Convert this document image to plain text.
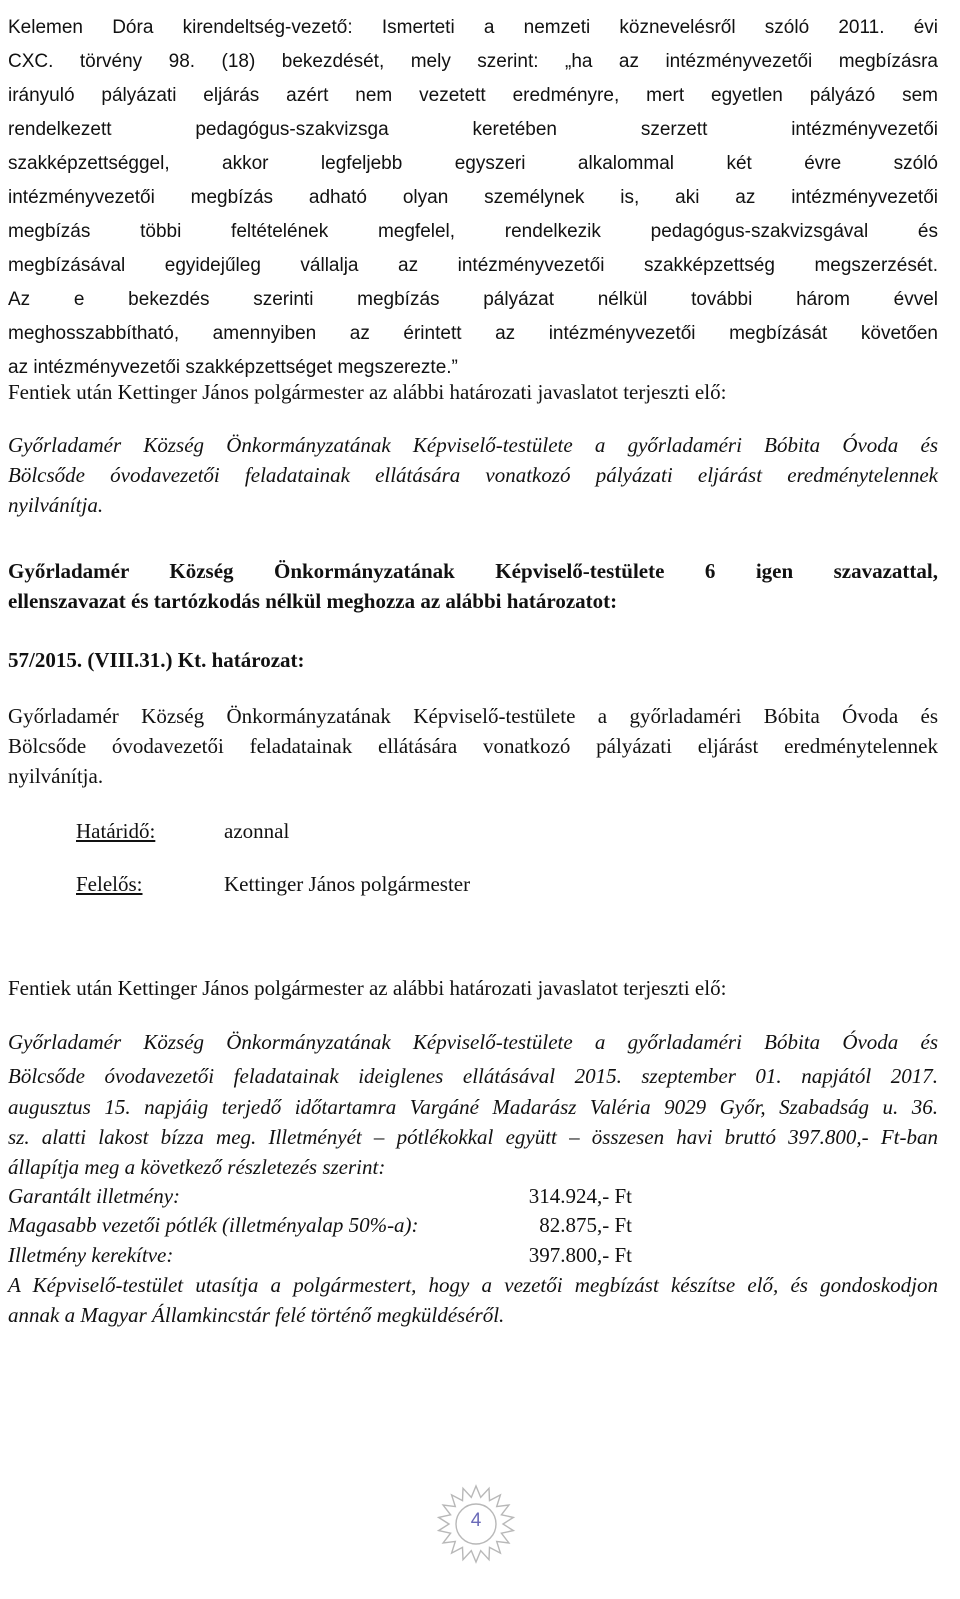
Kelemen Dóra kirendeltség-vezető: Ismerteti a nemzeti köznevelésről szóló 2011. évi
CXC. törvény 98. (18) bekezdését, mely szerint: „ha az intézményvezetői megbízásra
irányuló pályázati eljárás azért nem vezetett eredményre, mert egyetlen pályázó sem
rendelkezett pedagógus-szakvizsga keretében szerzett intézményvezetői
szakképzettséggel, akkor legfeljebb egyszeri alkalommal két évre szóló
intézményvezetői megbízás adható olyan személynek is, aki az intézményvezetői
megbízás többi feltételének megfelel, rendelkezik pedagógus-szakvizsgával és
megbízásával egyidejűleg vállalja az intézményvezetői szakképzettség megszerzését.
Az e bekezdés szerinti megbízás pályázat nélkül további három évvel
meghosszabbítható, amennyiben az érintett az intézményvezetői megbízását követően
az intézményvezetői szakképzettséget megszerezte.”
Fentiek után Kettinger János polgármester az alábbi határozati javaslatot terjeszti elő:
Győrladamér Község Önkormányzatának Képviselő-testülete a győrladaméri Bóbita Óvoda és
Bölcsőde óvodavezetői feladatainak ellátására vonatkozó pályázati eljárást eredménytelennek
nyilvánítja.
Győrladamér Község Önkormányzatának Képviselő-testülete 6 igen szavazattal,
ellenszavazat és tartózkodás nélkül meghozza az alábbi határozatot:
57/2015. (VIII.31.) Kt. határozat:
Győrladamér Község Önkormányzatának Képviselő-testülete a győrladaméri Bóbita Óvoda és
Bölcsőde óvodavezetői feladatainak ellátására vonatkozó pályázati eljárást eredménytelennek
nyilvánítja.
Határidő:	azonnal
Felelős:	Kettinger János polgármester
Fentiek után Kettinger János polgármester az alábbi határozati javaslatot terjeszti elő:
Győrladamér Község Önkormányzatának Képviselő-testülete a győrladaméri Bóbita Óvoda és
Bölcsőde óvodavezetői feladatainak ideiglenes ellátásával 2015. szeptember 01. napjától 2017.
augusztus 15. napjáig terjedő időtartamra Vargáné Madarász Valéria 9029 Győr, Szabadság u. 36.
sz. alatti lakost bízza meg. Illetményét – pótlékokkal együtt – összesen havi bruttó 397.800,- Ft-ban
állapítja meg a következő részletezés szerint:
Garantált illetmény:	314.924,- Ft
Magasabb vezetői pótlék (illetményalap 50%-a):	82.875,- Ft
Illetmény kerekítve:	397.800,- Ft
A Képviselő-testület utasítja a polgármestert, hogy a vezetői megbízást készítse elő, és gondoskodjon
annak a Magyar Államkincstár felé történő megküldéséről.
4
